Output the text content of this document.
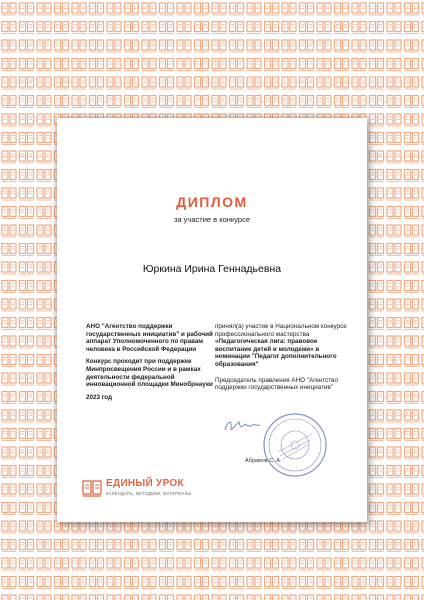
ДИПЛОМ
за участие в конкурсе
Юркина Ирина Геннадьевна

АНО "Агентство поддержки государственных инициатив" и рабочий аппарат Уполномоченного по правам человека в Российской Федерации

Конкурс проходит при поддержке Минпросвещения России и в рамках деятельности федеральной инновационной площадки Минобрнауки

2023 год

принял(а) участие в Национальном конкурсе профессионального мастерства «Педагогическая лига: правовое воспитание детей и молодежи» в номинации "Педагог дополнительного образования"

Председатель правления АНО "Агентство поддержки государственных инициатив"

Абрамов С. А.
ЕДИНЫЙ УРОК
КАЛЕНДАРЬ, МЕТОДИКИ, МАТЕРИАЛЫ
